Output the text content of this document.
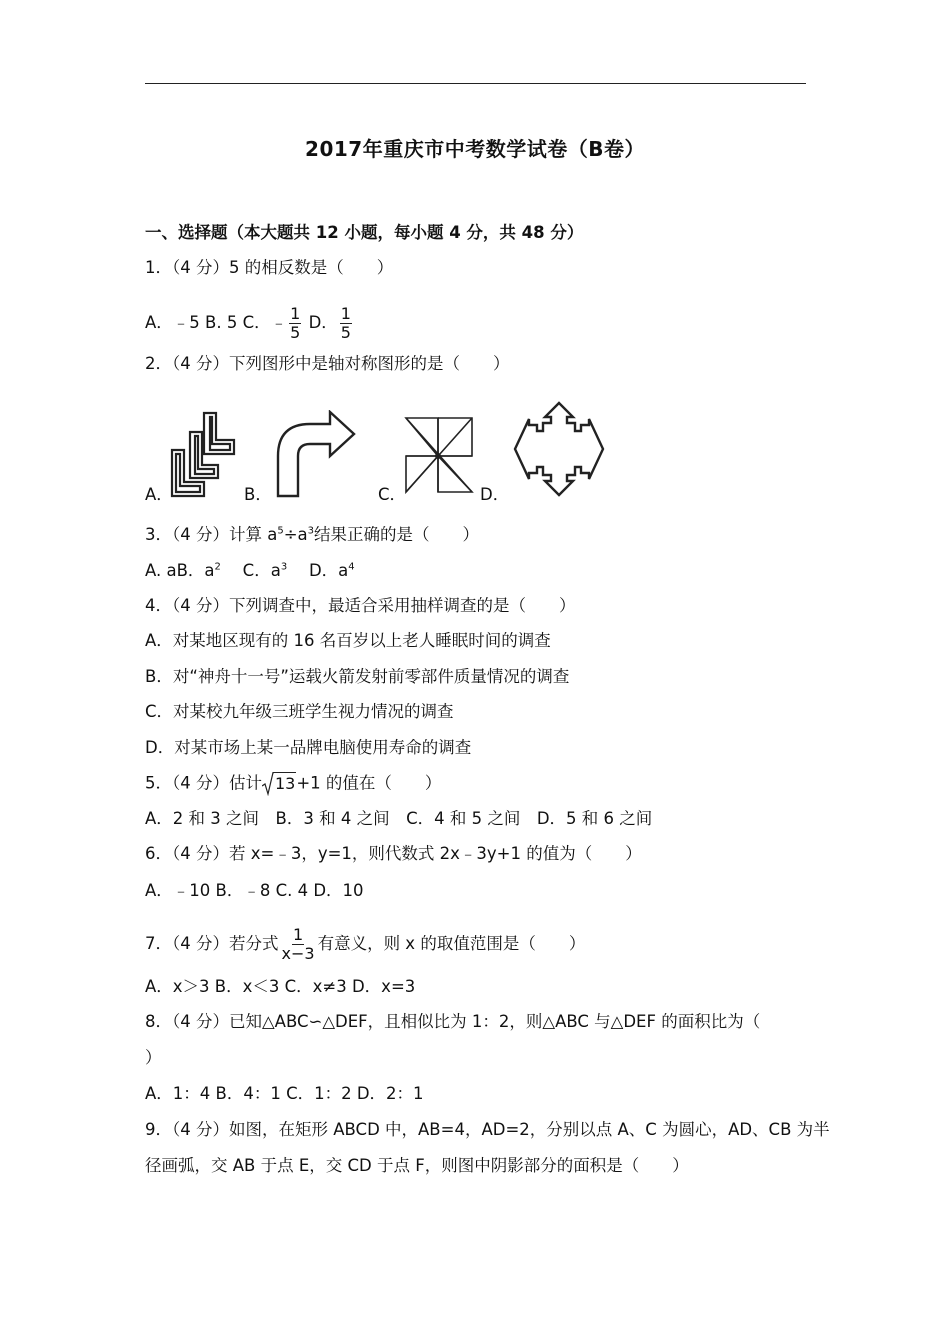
2017年重庆市中考数学试卷（B卷）
一、选择题（本大题共 12 小题，每小题 4 分，共 48 分）
1．（4 分）5 的相反数是（　　）
A．﹣5 B. 5 C．﹣ $\frac{1}{5}$ D． $\frac{1}{5}$
2．（4 分）下列图形中是轴对称图形的是（　　）
A．	B．	C．	D．
3．（4 分）计算 $a^5\div a^3$结果正确的是（　　）
A. aB．$a^2$   C．$a^3$   D．$a^4$
4．（4 分）下列调查中，最适合采用抽样调查的是（　　）
A．对某地区现有的 16 名百岁以上老人睡眠时间的调查
B．对“神舟十一号”运载火箭发射前零部件质量情况的调查
C．对某校九年级三班学生视力情况的调查
D．对某市场上某一品牌电脑使用寿命的调查
5．（4 分）估计 13 +1 的值在（　　）
A．2 和 3 之间　B．3 和 4 之间　C．4 和 5 之间　D．5 和 6 之间
6．（4 分）若 x=﹣3，y=1，则代数式 2x﹣3y+1 的值为（　　）
A．﹣10 B．﹣8 C. 4 D．10
7．（4 分）若分式 $\frac{1}{x-3}$ 有意义，则 x 的取值范围是（　　）
A．x＞3 B．x＜3 C．x≠3 D．x=3
8．（4 分）已知△ABC∽△DEF，且相似比为 1：2，则△ABC 与△DEF 的面积比为（
）
A．1：4 B．4：1 C．1：2 D．2：1
9．（4 分）如图，在矩形 ABCD 中，AB=4，AD=2，分别以点 A、C 为圆心，AD、CB 为半
径画弧，交 AB 于点 E，交 CD 于点 F，则图中阴影部分的面积是（　　）
